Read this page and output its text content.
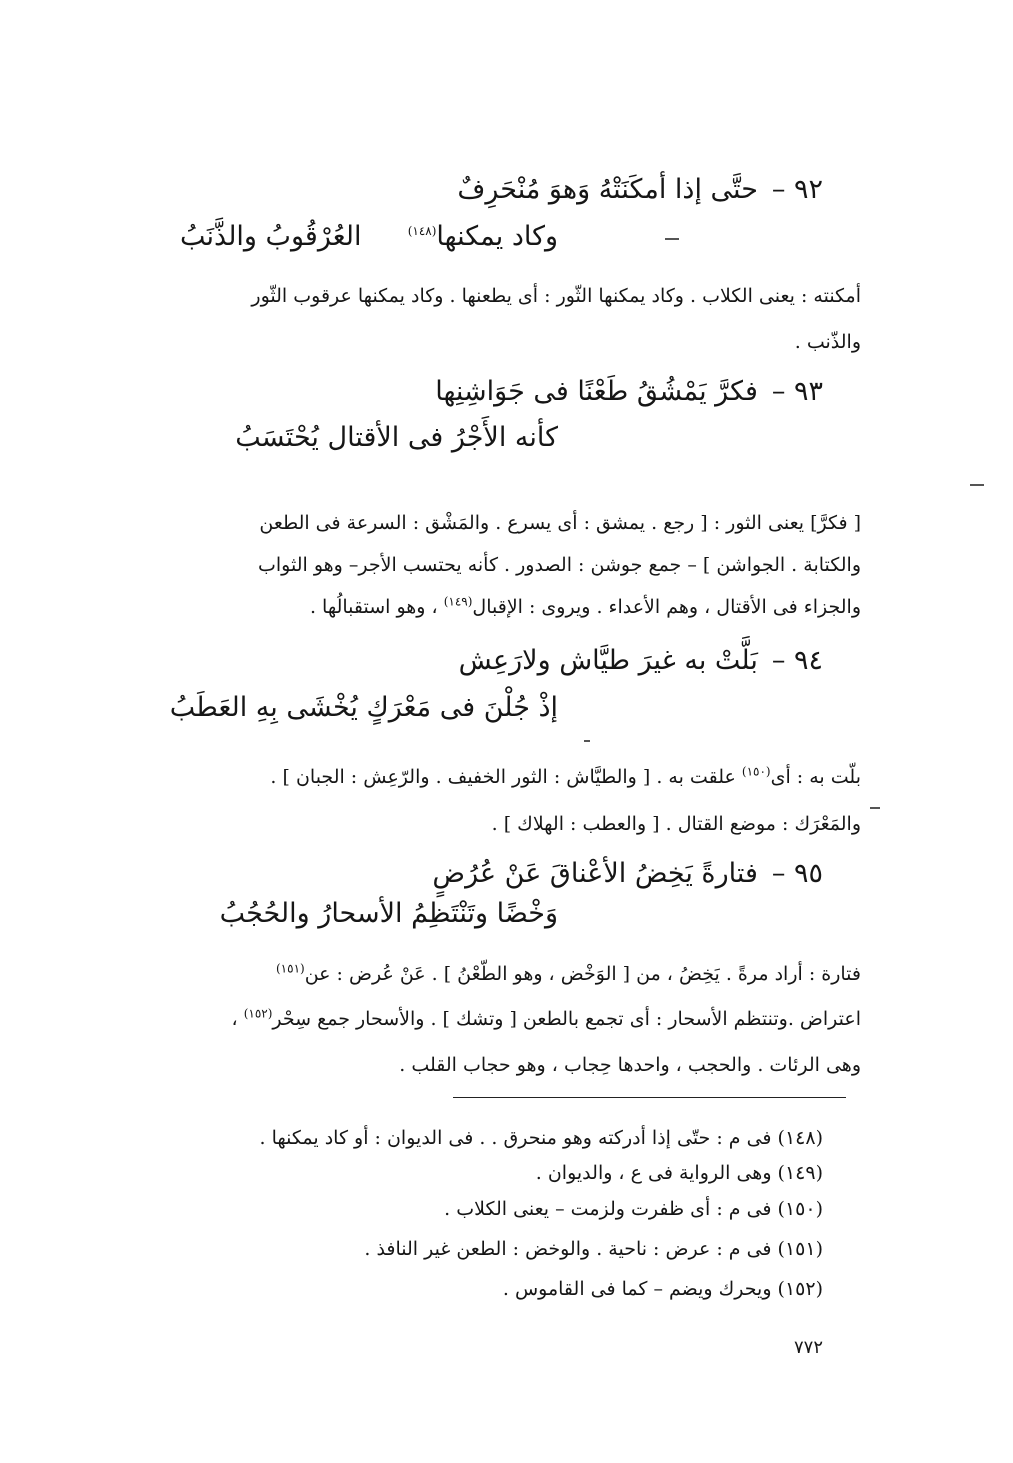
٩٢ –حتَّى إذا أمكَنَتْهُ وَهوَ مُنْحَرِفٌ
وكاد يمكنها$^{(١٤٨)}$
العُرْقُوبُ والذَّنَبُ
أمكنته : يعنى الكلاب . وكاد يمكنها الثّور : أى يطعنها . وكاد يمكنها عرقوب الثّور
والذّنب .
٩٣ –فكرَّ يَمْشُقُ طَعْنًا فى جَوَاشِنِها
كأنه الأَجْرُ فى الأقتال يُحْتَسَبُ
[ فكرَّ] يعنى الثور : [ رجع . يمشق : أى يسرع . والمَشْق : السرعة فى الطعن
والكتابة . الجواشن ] – جمع جوشن : الصدور . كأنه يحتسب الأجر– وهو الثواب
والجزاء فى الأقتال ، وهم الأعداء . ويروى : الإقبال$^{(١٤٩)}$ ، وهو استقبالُها .
٩٤ –بَلَّتْ به غيرَ طيَّاش ولارَعِش
إذْ جُلْنَ فى مَعْرَكٍ يُخْشَى بِهِ العَطَبُ
بلّت به : أى$^{(١٥٠)}$ علقت به . [ والطيَّاش : الثور الخفيف . والرّعِش : الجبان ] .
والمَعْرَك : موضع القتال . [ والعطب : الهلاك ] .
٩٥ –فتارةً يَخِضُ الأعْناقَ عَنْ عُرُضٍ
وَخْضًا وتَنْتَظِمُ الأسحارُ والحُجُبُ
فتارة : أراد مرةً . يَخِضُ ، من [ الوَخْض ، وهو الطّعْنُ ] . عَنْ عُرض : عن$^{(١٥١)}$
اعتراض .وتنتظم الأسحار : أى تجمع بالطعن [ وتشك ] . والأسحار جمع سِحْر$^{(١٥٢)}$ ،
وهى الرئات . والحجب ، واحدها حِجاب ، وهو حجاب القلب .
(١٤٨) فى م : حتّى إذا أدركته وهو منحرق . . فى الديوان : أو كاد يمكنها .
(١٤٩) وهى الرواية فى ع ، والديوان .
(١٥٠) فى م : أى ظفرت ولزمت – يعنى الكلاب .
(١٥١) فى م : عرض : ناحية . والوخض : الطعن غير النافذ .
(١٥٢) ويحرك ويضم – كما فى القاموس .
٧٧٢
